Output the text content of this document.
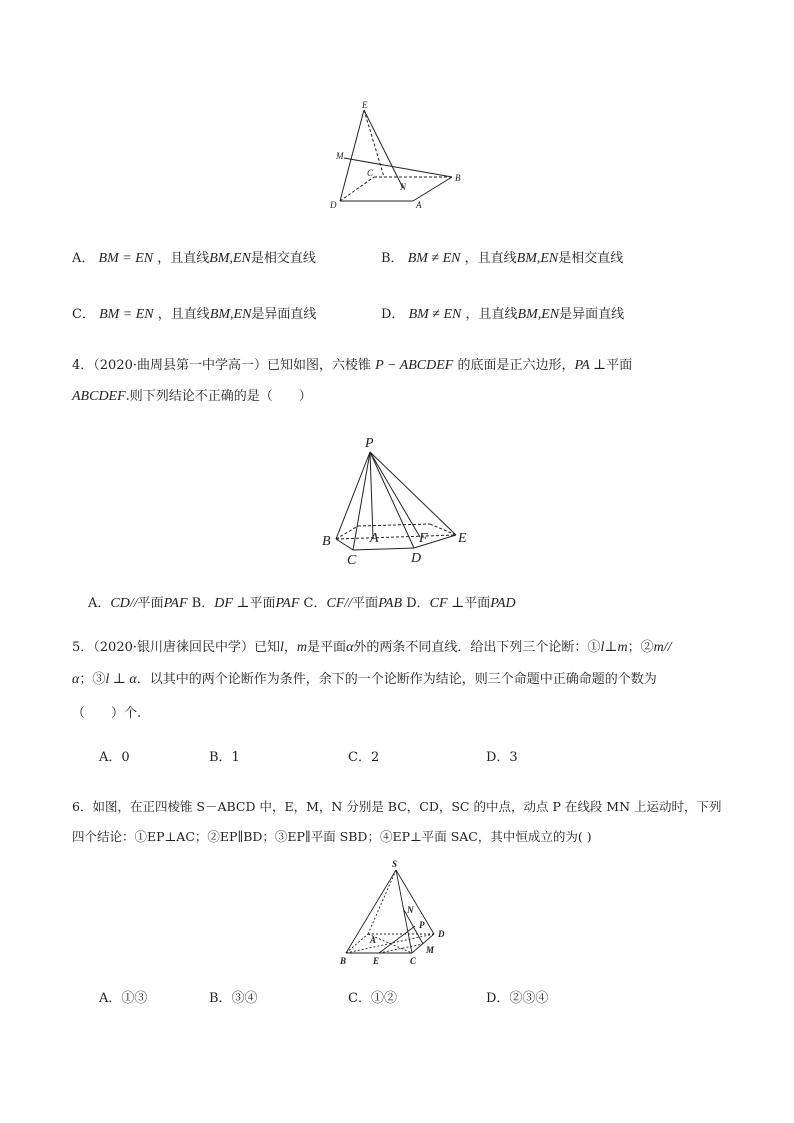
E
M
C
N
B
D	A
A． BM = EN ，且直线BM,EN是相交直线	B． BM ≠ EN ，且直线BM,EN是相交直线
C． BM = EN ，且直线BM,EN是异面直线	D． BM ≠ EN ，且直线BM,EN是异面直线
4．（2020·曲周县第一中学高一）已知如图，六棱锥 P − ABCDEF 的底面是正六边形，PA ⊥平面
ABCDEF.则下列结论不正确的是（　　）
P
B	A
C	D
F E
A．CD//平面PAF B．DF ⊥平面PAF C．CF//平面PAB D．CF ⊥平面PAD
5．（2020·银川唐徕回民中学）已知l，m是平面α外的两条不同直线．给出下列三个论断：①l⊥m；②m//
α；③l ⊥ α．以其中的两个论断作为条件，余下的一个论断作为结论，则三个命题中正确命题的个数为
（　　）个.
A．0	B．1	C．2	D．3
6．如图，在正四棱锥 S－ABCD 中，E，M，N 分别是 BC，CD，SC 的中点，动点 P 在线段 MN 上运动时，下列
四个结论：①EP⊥AC；②EP∥BD；③EP∥平面 SBD；④EP⊥平面 SAC，其中恒成立的为( )
S
N
P
A
D
B	E	C
M
A．①③	B．③④	C．①②	D．②③④
